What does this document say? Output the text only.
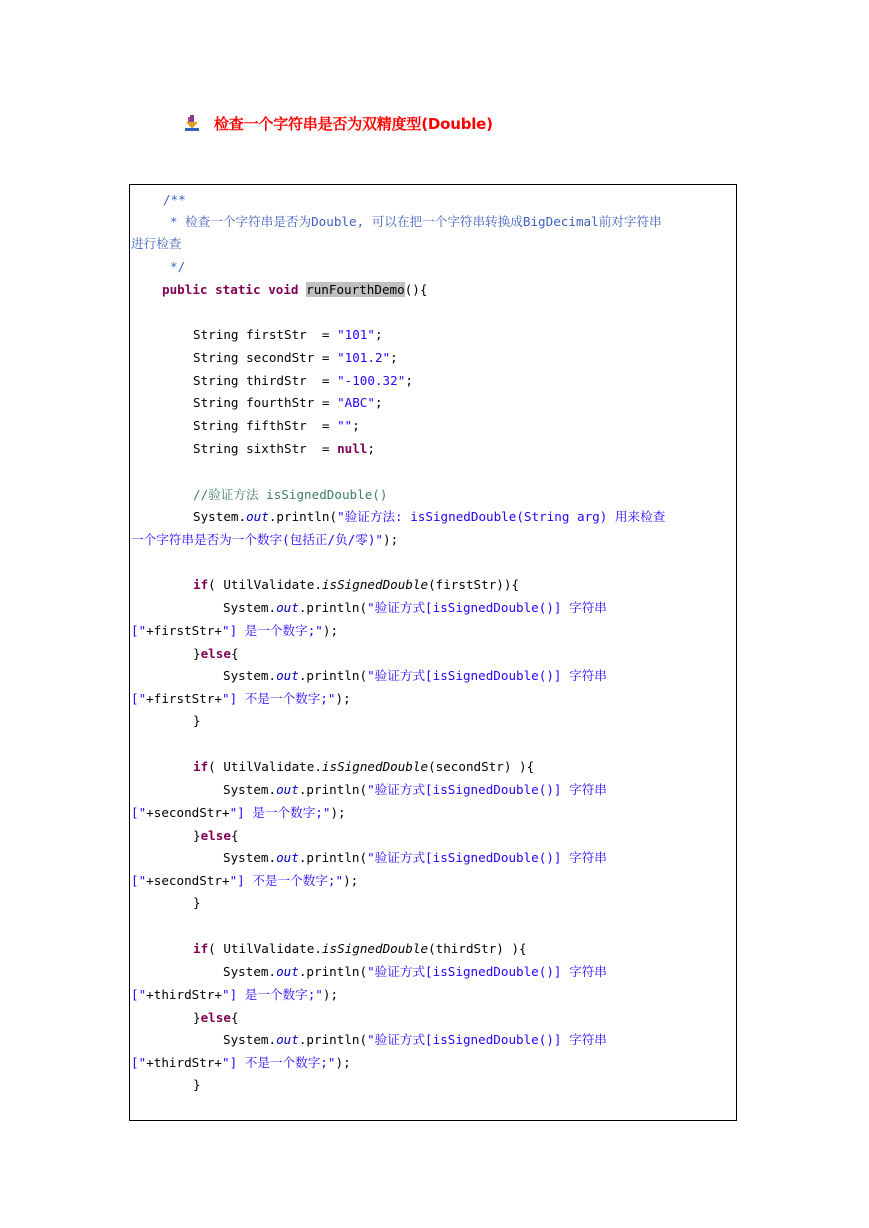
检查一个字符串是否为双精度型(Double)
/**
* 检查一个字符串是否为Double, 可以在把一个字符串转换成BigDecimal前对字符串
进行检查
*/
public static void runFourthDemo(){
String firstStr  = "101";
String secondStr = "101.2";
String thirdStr  = "-100.32";
String fourthStr = "ABC";
String fifthStr  = "";
String sixthStr  = null;
//验证方法 isSignedDouble()
System.out.println("验证方法: isSignedDouble(String arg) 用来检查
一个字符串是否为一个数字(包括正/负/零)");
if( UtilValidate.isSignedDouble(firstStr)){
System.out.println("验证方式[isSignedDouble()] 字符串
["+firstStr+"] 是一个数字;");
}else{
System.out.println("验证方式[isSignedDouble()] 字符串
["+firstStr+"] 不是一个数字;");
}
if( UtilValidate.isSignedDouble(secondStr) ){
System.out.println("验证方式[isSignedDouble()] 字符串
["+secondStr+"] 是一个数字;");
}else{
System.out.println("验证方式[isSignedDouble()] 字符串
["+secondStr+"] 不是一个数字;");
}
if( UtilValidate.isSignedDouble(thirdStr) ){
System.out.println("验证方式[isSignedDouble()] 字符串
["+thirdStr+"] 是一个数字;");
}else{
System.out.println("验证方式[isSignedDouble()] 字符串
["+thirdStr+"] 不是一个数字;");
}
